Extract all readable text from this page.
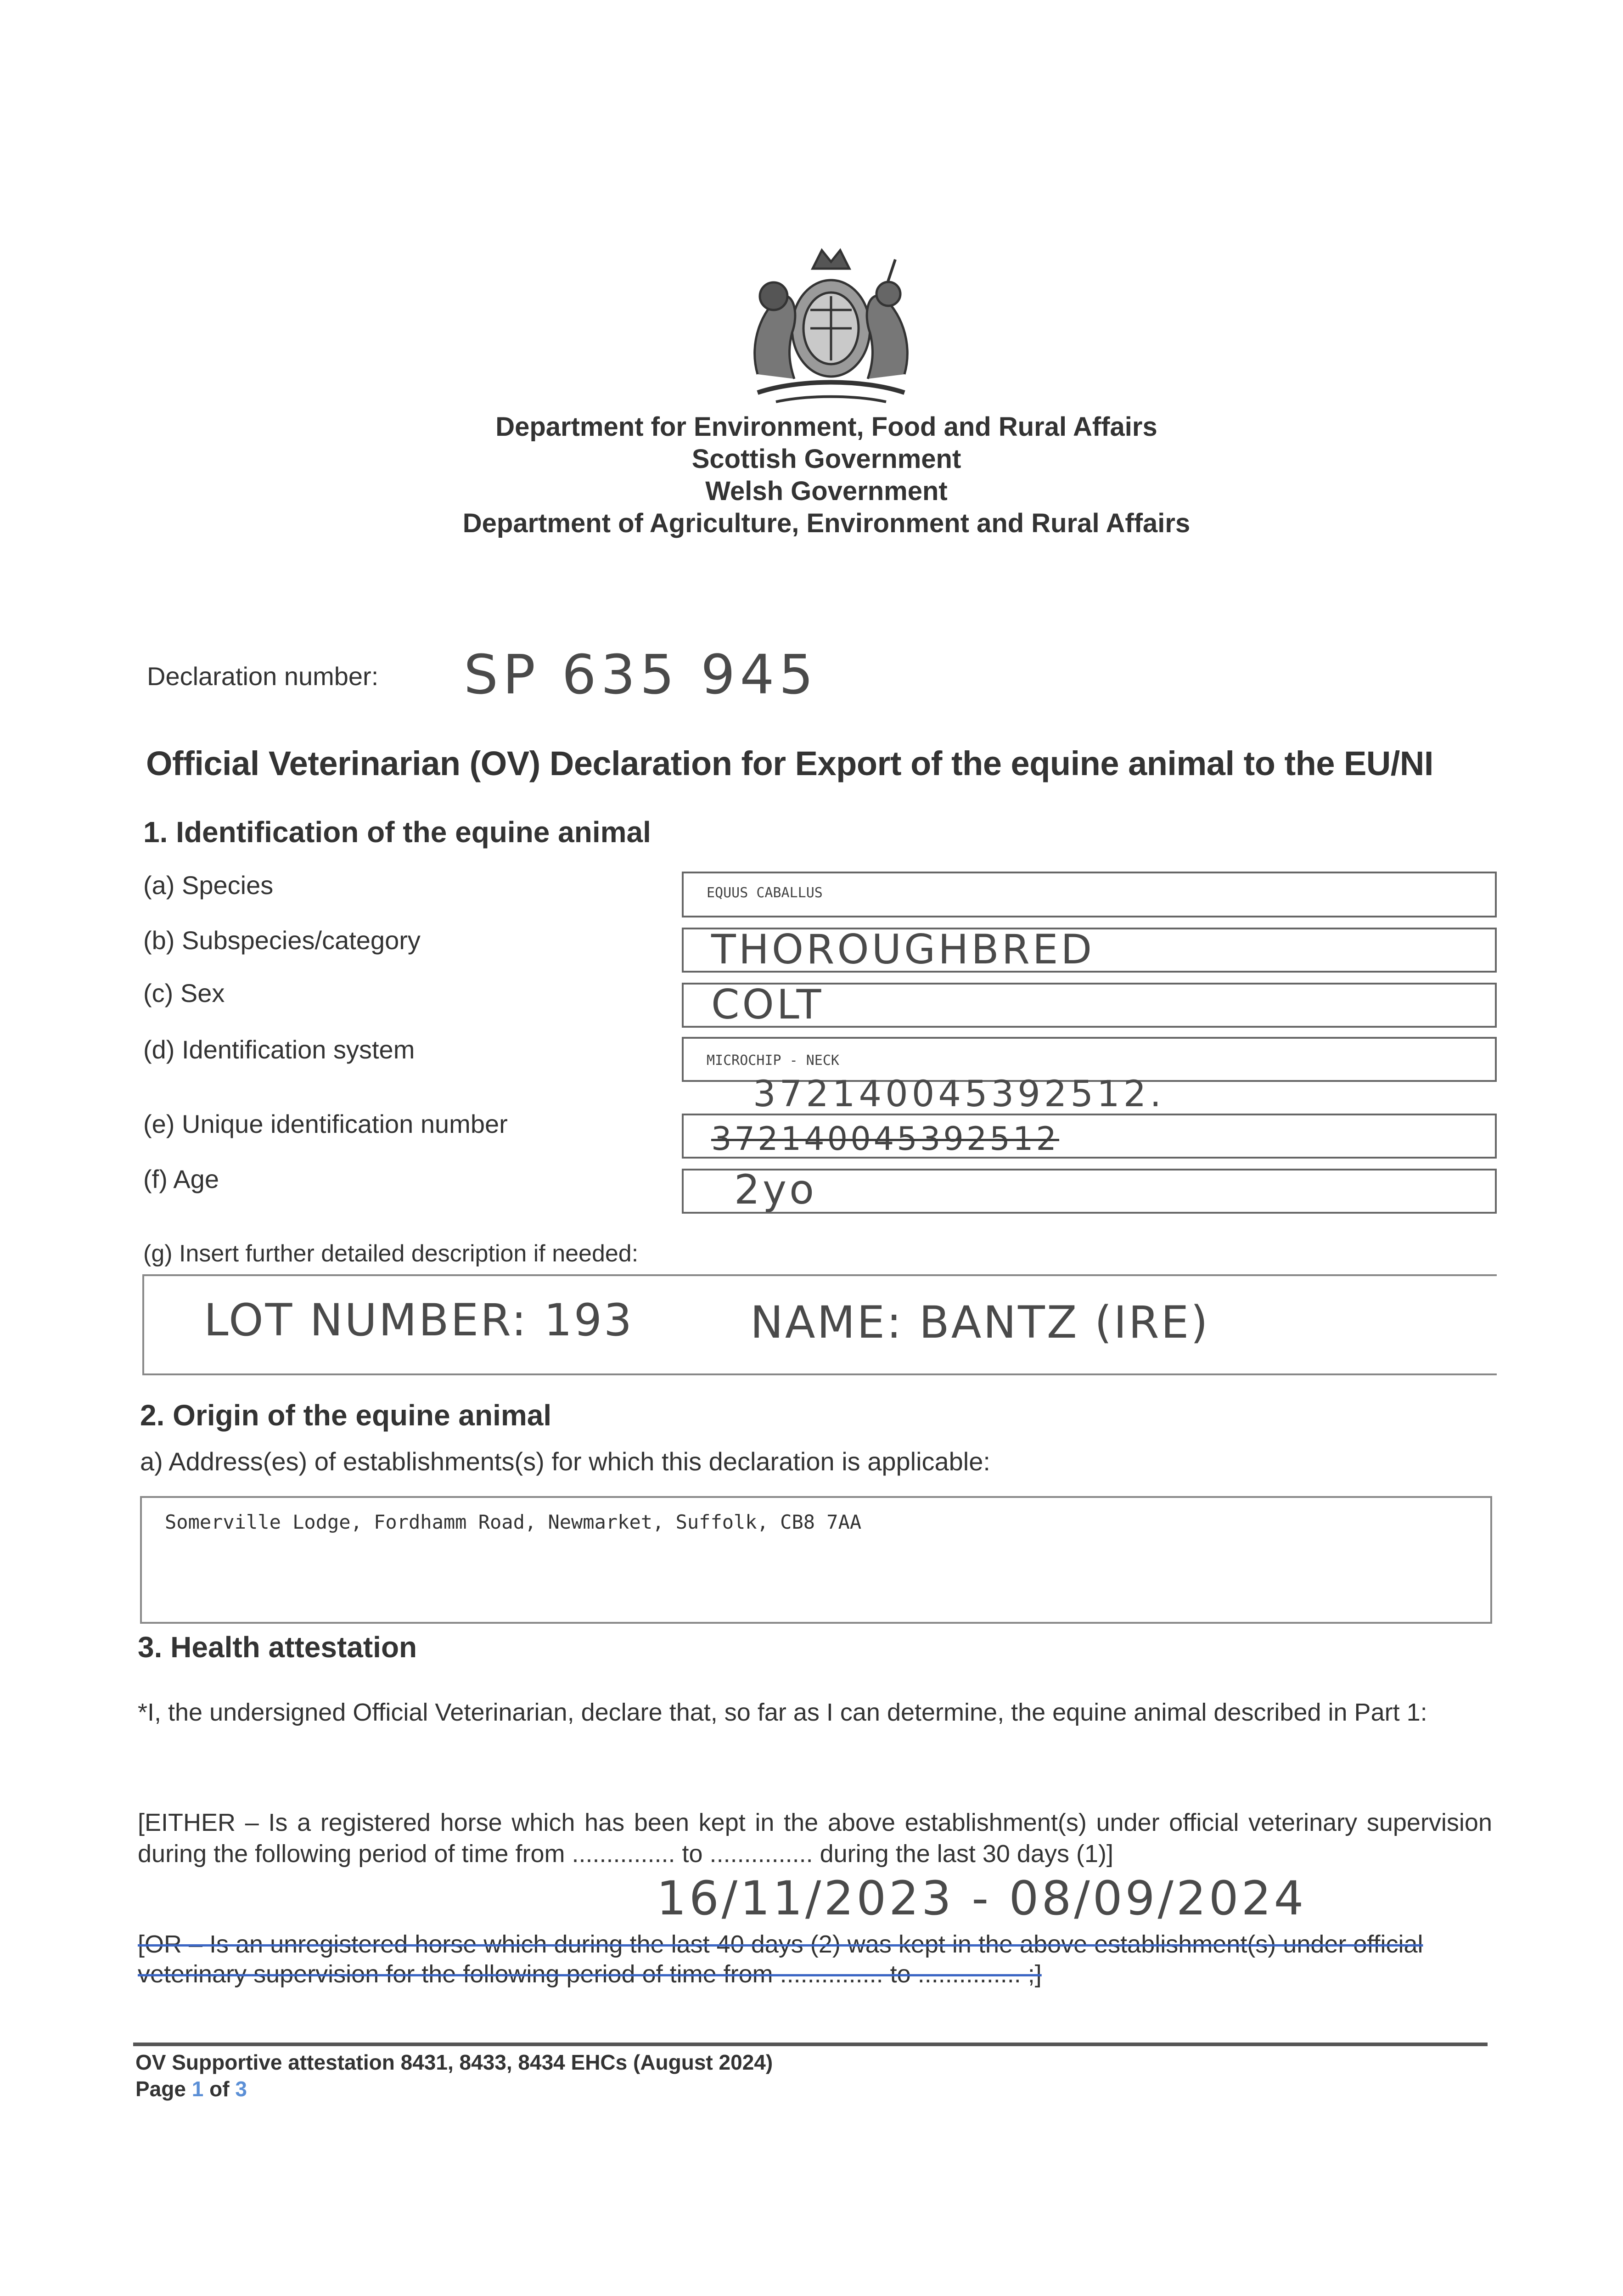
Department for Environment, Food and Rural Affairs
Scottish Government
Welsh Government
Department of Agriculture, Environment and Rural Affairs
Declaration number: SP 635 945
Official Veterinarian (OV) Declaration for Export of the equine animal to the EU/NI
1. Identification of the equine animal
(a) Species	EQUUS CABALLUS
(b) Subspecies/category	THOROUGHBRED
(c) Sex	COLT
(d) Identification system	MICROCHIP - NECK
372140045392512.
(e) Unique identification number	372140045392512
(f) Age	2yo
(g) Insert further detailed description if needed:
LOT NUMBER: 193	NAME: BANTZ (IRE)
2. Origin of the equine animal
a) Address(es) of establishments(s) for which this declaration is applicable:
Somerville Lodge, Fordhamm Road, Newmarket, Suffolk, CB8 7AA
3. Health attestation
*I, the undersigned Official Veterinarian, declare that, so far as I can determine, the equine animal described in Part 1:
[EITHER – Is a registered horse which has been kept in the above establishment(s) under official veterinary supervision during the following period of time from ............... to ............... during the last 30 days (1)]
16/11/2023 - 08/09/2024
[OR – Is an unregistered horse which during the last 40 days (2) was kept in the above establishment(s) under official
veterinary supervision for the following period of time from ............... to ............... ;]
OV Supportive attestation 8431, 8433, 8434 EHCs (August 2024)
Page 1 of 3
